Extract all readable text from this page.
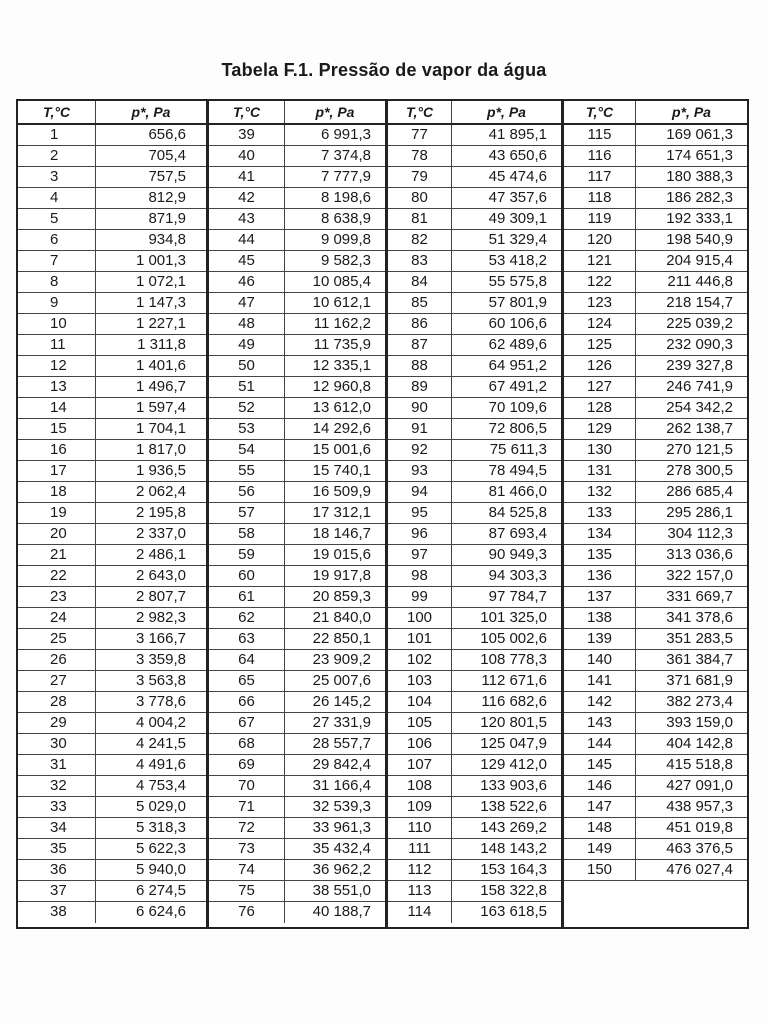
Tabela F.1. Pressão de vapor da água
T,°C	p*, Pa
1	656,6
2	705,4
3	757,5
4	812,9
5	871,9
6	934,8
7	1 001,3
8	1 072,1
9	1 147,3
10	1 227,1
11	1 311,8
12	1 401,6
13	1 496,7
14	1 597,4
15	1 704,1
16	1 817,0
17	1 936,5
18	2 062,4
19	2 195,8
20	2 337,0
21	2 486,1
22	2 643,0
23	2 807,7
24	2 982,3
25	3 166,7
26	3 359,8
27	3 563,8
28	3 778,6
29	4 004,2
30	4 241,5
31	4 491,6
32	4 753,4
33	5 029,0
34	5 318,3
35	5 622,3
36	5 940,0
37	6 274,5
38	6 624,6
T,°C	p*, Pa
39	6 991,3
40	7 374,8
41	7 777,9
42	8 198,6
43	8 638,9
44	9 099,8
45	9 582,3
46	10 085,4
47	10 612,1
48	11 162,2
49	11 735,9
50	12 335,1
51	12 960,8
52	13 612,0
53	14 292,6
54	15 001,6
55	15 740,1
56	16 509,9
57	17 312,1
58	18 146,7
59	19 015,6
60	19 917,8
61	20 859,3
62	21 840,0
63	22 850,1
64	23 909,2
65	25 007,6
66	26 145,2
67	27 331,9
68	28 557,7
69	29 842,4
70	31 166,4
71	32 539,3
72	33 961,3
73	35 432,4
74	36 962,2
75	38 551,0
76	40 188,7
T,°C	p*, Pa
77	41 895,1
78	43 650,6
79	45 474,6
80	47 357,6
81	49 309,1
82	51 329,4
83	53 418,2
84	55 575,8
85	57 801,9
86	60 106,6
87	62 489,6
88	64 951,2
89	67 491,2
90	70 109,6
91	72 806,5
92	75 611,3
93	78 494,5
94	81 466,0
95	84 525,8
96	87 693,4
97	90 949,3
98	94 303,3
99	97 784,7
100	101 325,0
101	105 002,6
102	108 778,3
103	112 671,6
104	116 682,6
105	120 801,5
106	125 047,9
107	129 412,0
108	133 903,6
109	138 522,6
110	143 269,2
111	148 143,2
112	153 164,3
113	158 322,8
114	163 618,5
T,°C	p*, Pa
115	169 061,3
116	174 651,3
117	180 388,3
118	186 282,3
119	192 333,1
120	198 540,9
121	204 915,4
122	211 446,8
123	218 154,7
124	225 039,2
125	232 090,3
126	239 327,8
127	246 741,9
128	254 342,2
129	262 138,7
130	270 121,5
131	278 300,5
132	286 685,4
133	295 286,1
134	304 112,3
135	313 036,6
136	322 157,0
137	331 669,7
138	341 378,6
139	351 283,5
140	361 384,7
141	371 681,9
142	382 273,4
143	393 159,0
144	404 142,8
145	415 518,8
146	427 091,0
147	438 957,3
148	451 019,8
149	463 376,5
150	476 027,4
